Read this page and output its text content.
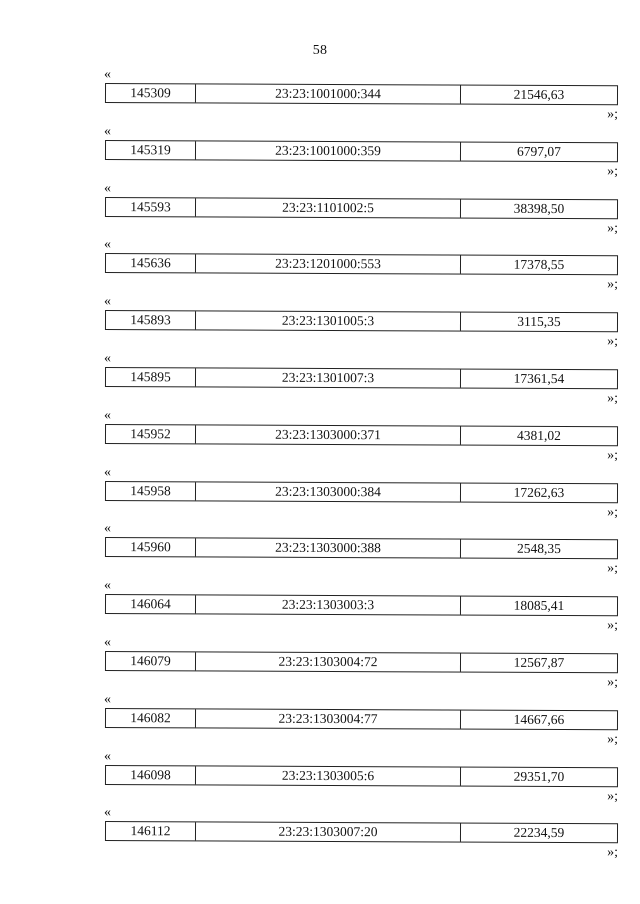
58
«
145309	23:23:1001000:344	21546,63
»;
«
145319	23:23:1001000:359	6797,07
»;
«
145593	23:23:1101002:5	38398,50
»;
«
145636	23:23:1201000:553	17378,55
»;
«
145893	23:23:1301005:3	3115,35
»;
«
145895	23:23:1301007:3	17361,54
»;
«
145952	23:23:1303000:371	4381,02
»;
«
145958	23:23:1303000:384	17262,63
»;
«
145960	23:23:1303000:388	2548,35
»;
«
146064	23:23:1303003:3	18085,41
»;
«
146079	23:23:1303004:72	12567,87
»;
«
146082	23:23:1303004:77	14667,66
»;
«
146098	23:23:1303005:6	29351,70
»;
«
146112	23:23:1303007:20	22234,59
»;
